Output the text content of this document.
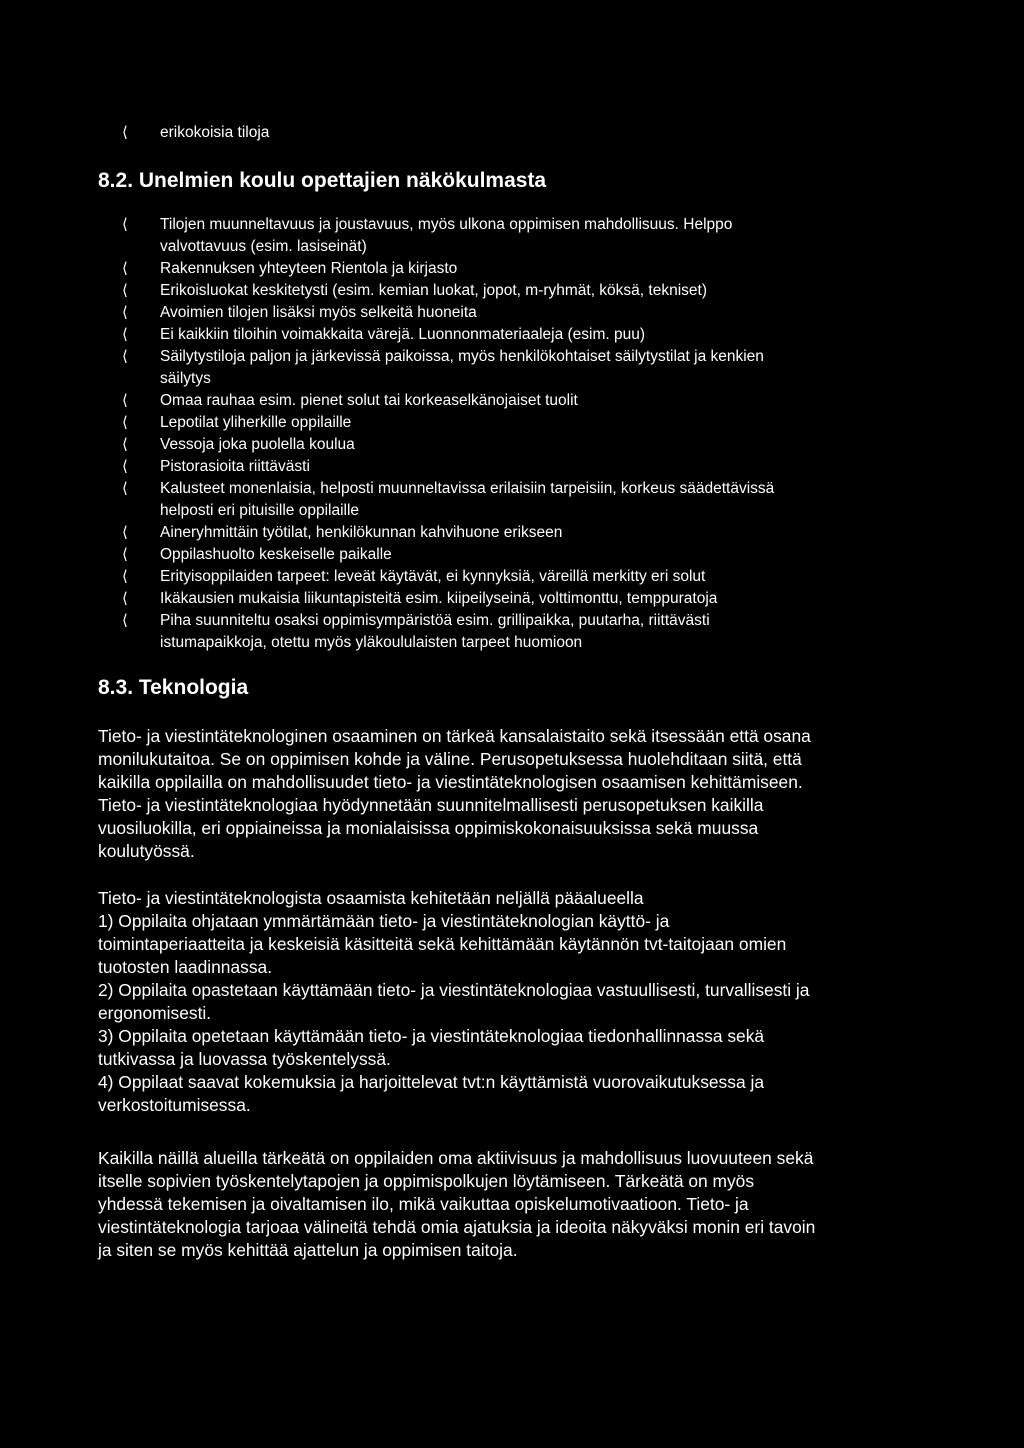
⟨	erikokoisia tiloja
8.2. Unelmien koulu opettajien näkökulmasta
⟨	Tilojen muunneltavuus ja joustavuus, myös ulkona oppimisen mahdollisuus. Helppo
valvottavuus (esim. lasiseinät)
⟨	Rakennuksen yhteyteen Rientola ja kirjasto
⟨	Erikoisluokat keskitetysti (esim. kemian luokat, jopot, m-ryhmät, köksä, tekniset)
⟨	Avoimien tilojen lisäksi myös selkeitä huoneita
⟨	Ei kaikkiin tiloihin voimakkaita värejä. Luonnonmateriaaleja (esim. puu)
⟨	Säilytystiloja paljon ja järkevissä paikoissa, myös henkilökohtaiset säilytystilat ja kenkien
säilytys
⟨	Omaa rauhaa esim. pienet solut tai korkeaselkänojaiset tuolit
⟨	Lepotilat yliherkille oppilaille
⟨	Vessoja joka puolella koulua
⟨	Pistorasioita riittävästi
⟨	Kalusteet monenlaisia, helposti muunneltavissa erilaisiin tarpeisiin, korkeus säädettävissä
helposti eri pituisille oppilaille
⟨	Aineryhmittäin työtilat, henkilökunnan kahvihuone erikseen
⟨	Oppilashuolto keskeiselle paikalle
⟨	Erityisoppilaiden tarpeet: leveät käytävät, ei kynnyksiä, väreillä merkitty eri solut
⟨	Ikäkausien mukaisia liikuntapisteitä esim. kiipeilyseinä, volttimonttu, temppuratoja
⟨	Piha suunniteltu osaksi oppimisympäristöä esim. grillipaikka, puutarha, riittävästi
istumapaikkoja, otettu myös yläkoululaisten tarpeet huomioon
8.3. Teknologia
Tieto- ja viestintäteknologinen osaaminen on tärkeä kansalaistaito sekä itsessään että osana
monilukutaitoa. Se on oppimisen kohde ja väline. Perusopetuksessa huolehditaan siitä, että
kaikilla oppilailla on mahdollisuudet tieto- ja viestintäteknologisen osaamisen kehittämiseen.
Tieto- ja viestintäteknologiaa hyödynnetään suunnitelmallisesti perusopetuksen kaikilla
vuosiluokilla, eri oppiaineissa ja monialaisissa oppimiskokonaisuuksissa sekä muussa
koulutyössä.
Tieto- ja viestintäteknologista osaamista kehitetään neljällä pääalueella
1) Oppilaita ohjataan ymmärtämään tieto- ja viestintäteknologian käyttö- ja
toimintaperiaatteita ja keskeisiä käsitteitä sekä kehittämään käytännön tvt-taitojaan omien
tuotosten laadinnassa.
2) Oppilaita opastetaan käyttämään tieto- ja viestintäteknologiaa vastuullisesti, turvallisesti ja
ergonomisesti.
3) Oppilaita opetetaan käyttämään tieto- ja viestintäteknologiaa tiedonhallinnassa sekä
tutkivassa ja luovassa työskentelyssä.
4) Oppilaat saavat kokemuksia ja harjoittelevat tvt:n käyttämistä vuorovaikutuksessa ja
verkostoitumisessa.
Kaikilla näillä alueilla tärkeätä on oppilaiden oma aktiivisuus ja mahdollisuus luovuuteen sekä
itselle sopivien työskentelytapojen ja oppimispolkujen löytämiseen. Tärkeätä on myös
yhdessä tekemisen ja oivaltamisen ilo, mikä vaikuttaa opiskelumotivaatioon. Tieto- ja
viestintäteknologia tarjoaa välineitä tehdä omia ajatuksia ja ideoita näkyväksi monin eri tavoin
ja siten se myös kehittää ajattelun ja oppimisen taitoja.
